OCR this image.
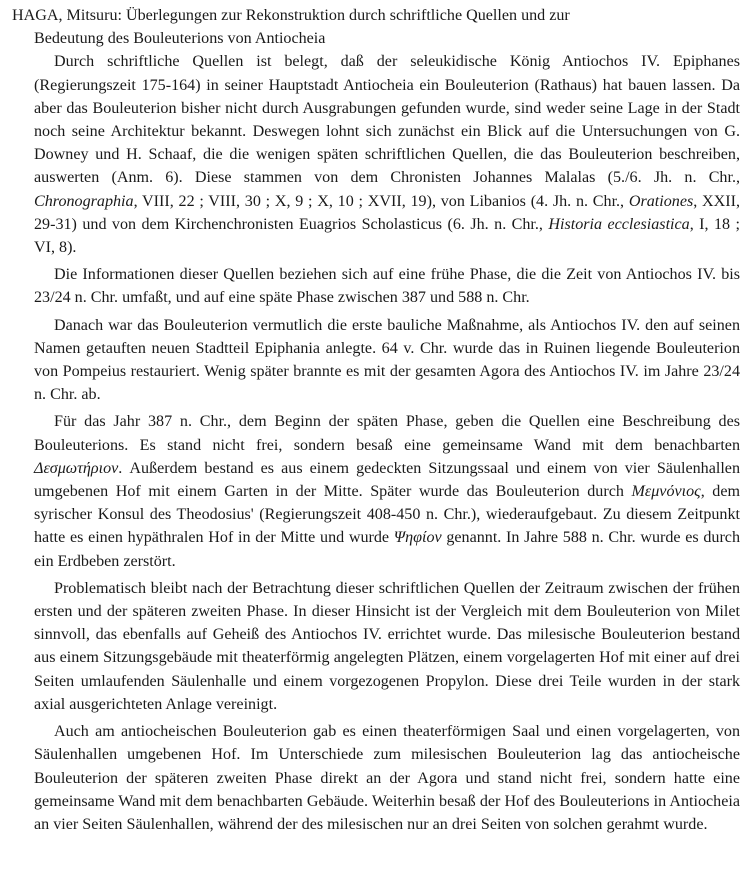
HAGA, Mitsuru: Überlegungen zur Rekonstruktion durch schriftliche Quellen und zur
Bedeutung des Bouleuterions von Antiocheia

Durch schriftliche Quellen ist belegt, daß der seleukidische König Antiochos IV. Epiphanes (Regierungszeit 175-164) in seiner Hauptstadt Antiocheia ein Bouleuterion (Rathaus) hat bauen lassen. Da aber das Bouleuterion bisher nicht durch Ausgrabungen gefunden wurde, sind weder seine Lage in der Stadt noch seine Architektur bekannt. Deswegen lohnt sich zunächst ein Blick auf die Untersuchungen von G. Downey und H. Schaaf, die die wenigen späten schriftlichen Quellen, die das Bouleuterion beschreiben, auswerten (Anm. 6). Diese stammen von dem Chronisten Johannes Malalas (5./6. Jh. n. Chr., Chronographia, VIII, 22 ; VIII, 30 ; X, 9 ; X, 10 ; XVII, 19), von Libanios (4. Jh. n. Chr., Orationes, XXII, 29-31) und von dem Kirchenchronisten Euagrios Scholasticus (6. Jh. n. Chr., Historia ecclesiastica, I, 18 ; VI, 8).

Die Informationen dieser Quellen beziehen sich auf eine frühe Phase, die die Zeit von Antiochos IV. bis 23/24 n. Chr. umfaßt, und auf eine späte Phase zwischen 387 und 588 n. Chr.

Danach war das Bouleuterion vermutlich die erste bauliche Maßnahme, als Antiochos IV. den auf seinen Namen getauften neuen Stadtteil Epiphania anlegte. 64 v. Chr. wurde das in Ruinen liegende Bouleuterion von Pompeius restauriert. Wenig später brannte es mit der gesamten Agora des Antiochos IV. im Jahre 23/24 n. Chr. ab.

Für das Jahr 387 n. Chr., dem Beginn der späten Phase, geben die Quellen eine Beschreibung des Bouleuterions. Es stand nicht frei, sondern besaß eine gemeinsame Wand mit dem benachbarten Δεσμωτήριον. Außerdem bestand es aus einem gedeckten Sitzungssaal und einem von vier Säulenhallen umgebenen Hof mit einem Garten in der Mitte. Später wurde das Bouleuterion durch Μεμνόνιος, dem syrischer Konsul des Theodosius' (Regierungszeit 408-450 n. Chr.), wiederaufgebaut. Zu diesem Zeitpunkt hatte es einen hypäthralen Hof in der Mitte und wurde Ψηφίον genannt. In Jahre 588 n. Chr. wurde es durch ein Erdbeben zerstört.

Problematisch bleibt nach der Betrachtung dieser schriftlichen Quellen der Zeitraum zwischen der frühen ersten und der späteren zweiten Phase. In dieser Hinsicht ist der Vergleich mit dem Bouleuterion von Milet sinnvoll, das ebenfalls auf Geheiß des Antiochos IV. errichtet wurde. Das milesische Bouleuterion bestand aus einem Sitzungsgebäude mit theaterförmig angelegten Plätzen, einem vorgelagerten Hof mit einer auf drei Seiten umlaufenden Säulenhalle und einem vorgezogenen Propylon. Diese drei Teile wurden in der stark axial ausgerichteten Anlage vereinigt.

Auch am antiocheischen Bouleuterion gab es einen theaterförmigen Saal und einen vorgelagerten, von Säulenhallen umgebenen Hof. Im Unterschiede zum milesischen Bouleuterion lag das antiocheische Bouleuterion der späteren zweiten Phase direkt an der Agora und stand nicht frei, sondern hatte eine gemeinsame Wand mit dem benachbarten Gebäude. Weiterhin besaß der Hof des Bouleuterions in Antiocheia an vier Seiten Säulenhallen, während der des milesischen nur an drei Seiten von solchen gerahmt wurde.
